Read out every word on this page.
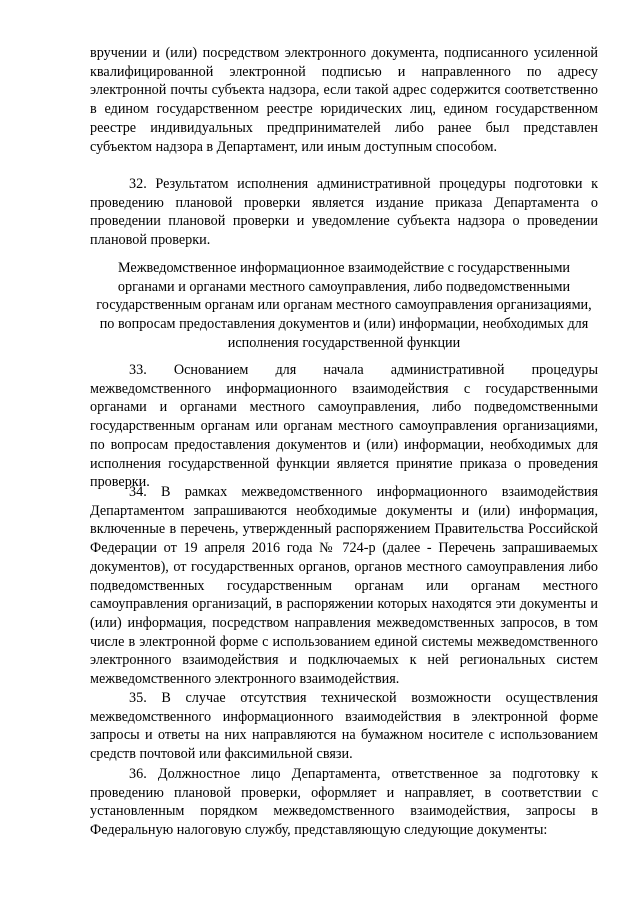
вручении и (или) посредством электронного документа, подписанного усиленной квалифицированной электронной подписью и направленного по адресу электронной почты субъекта надзора, если такой адрес содержится соответственно в едином государственном реестре юридических лиц, едином государственном реестре индивидуальных предпринимателей либо ранее был представлен субъектом надзора в Департамент, или иным доступным способом.

32. Результатом исполнения административной процедуры подготовки к проведению плановой проверки является издание приказа Департамента о проведении плановой проверки и уведомление субъекта надзора о проведении плановой проверки.

Межведомственное информационное взаимодействие с государственными органами и органами местного самоуправления, либо подведомственными государственным органам или органам местного самоуправления организациями, по вопросам предоставления документов и (или) информации, необходимых для исполнения государственной функции

33. Основанием для начала административной процедуры межведомственного информационного взаимодействия с государственными органами и органами местного самоуправления, либо подведомственными государственным органам или органам местного самоуправления организациями, по вопросам предоставления документов и (или) информации, необходимых для исполнения государственной функции является принятие приказа о проведения проверки.

34. В рамках межведомственного информационного взаимодействия Департаментом запрашиваются необходимые документы и (или) информация, включенные в перечень, утвержденный распоряжением Правительства Российской Федерации от 19 апреля 2016 года № 724-р (далее - Перечень запрашиваемых документов), от государственных органов, органов местного самоуправления либо подведомственных государственным органам или органам местного самоуправления организаций, в распоряжении которых находятся эти документы и (или) информация, посредством направления межведомственных запросов, в том числе в электронной форме с использованием единой системы межведомственного электронного взаимодействия и подключаемых к ней региональных систем межведомственного электронного взаимодействия.

35. В случае отсутствия технической возможности осуществления межведомственного информационного взаимодействия в электронной форме запросы и ответы на них направляются на бумажном носителе с использованием средств почтовой или факсимильной связи.

36. Должностное лицо Департамента, ответственное за подготовку к проведению плановой проверки, оформляет и направляет, в соответствии с установленным порядком межведомственного взаимодействия, запросы в Федеральную налоговую службу, представляющую следующие документы:
